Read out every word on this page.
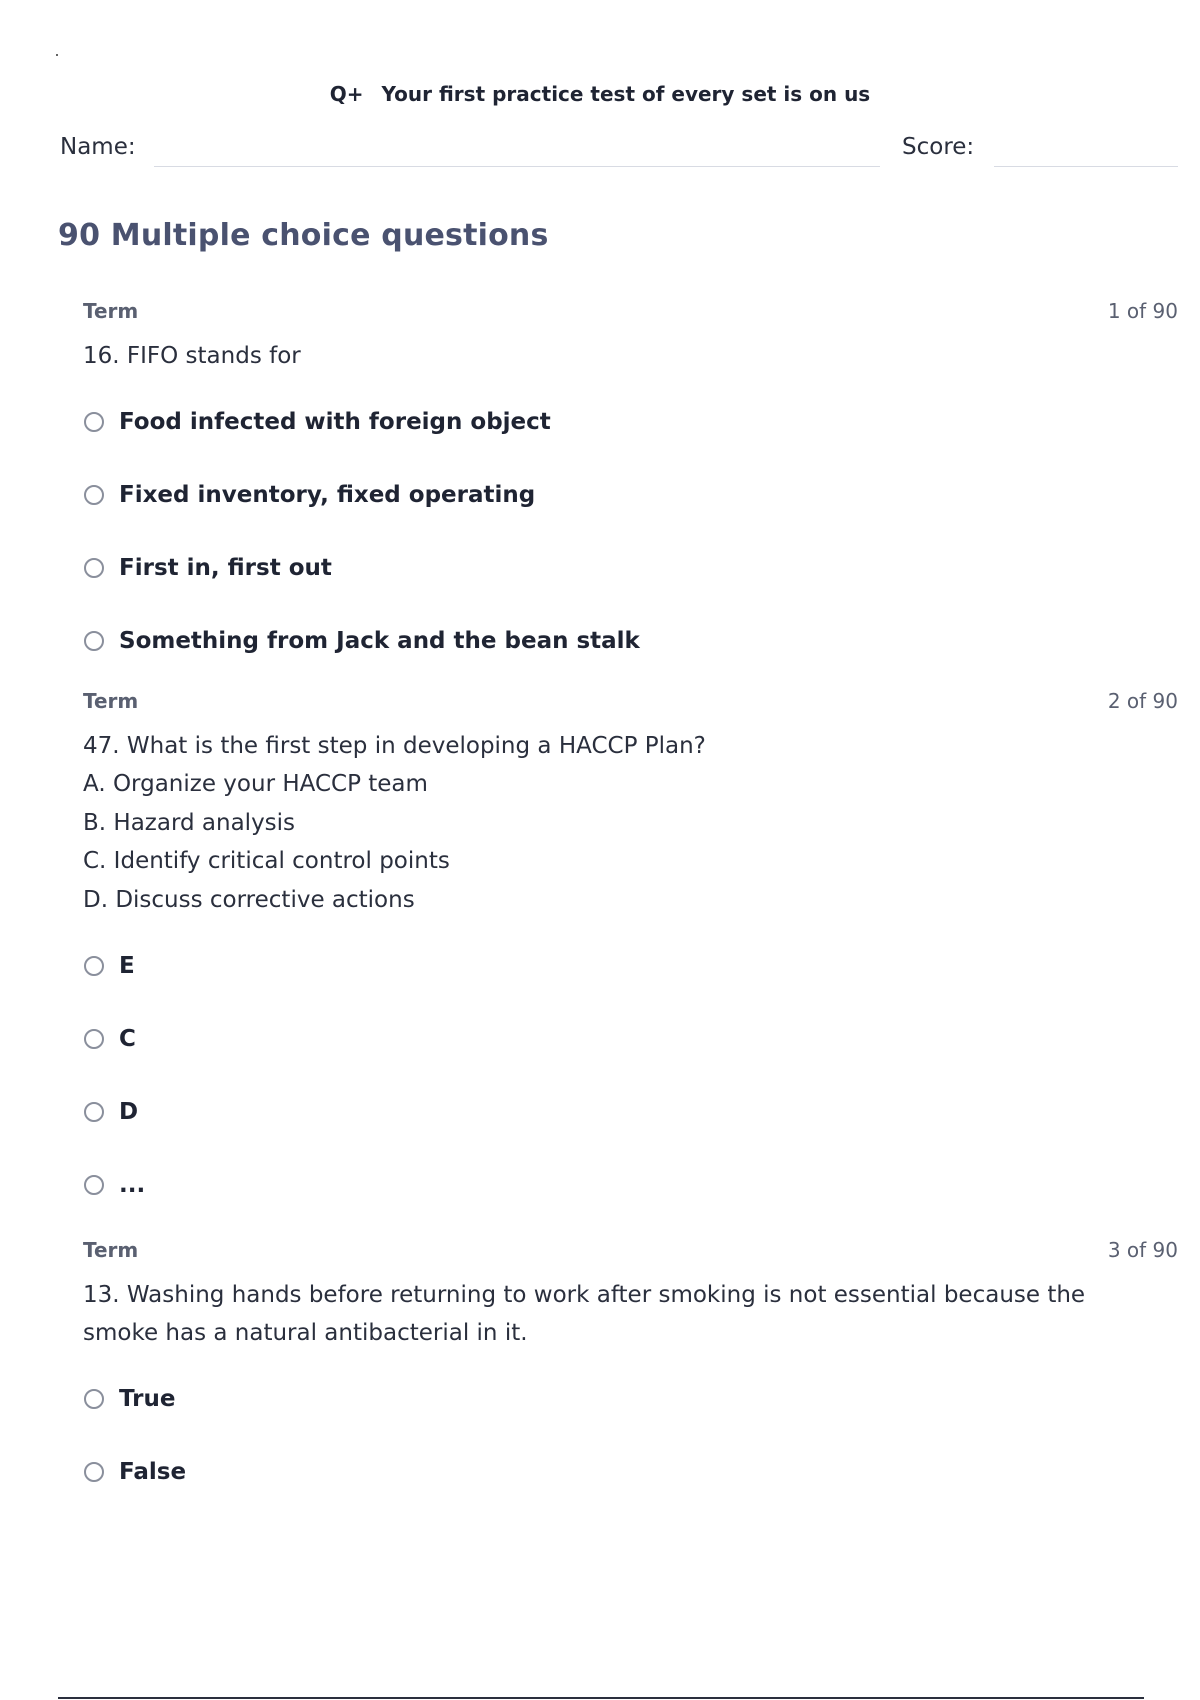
Q+ Your first practice test of every set is on us
Name:	Score:
90 Multiple choice questions
Term	1 of 90
16. FIFO stands for
Food infected with foreign object
Fixed inventory, fixed operating
First in, first out
Something from Jack and the bean stalk
Term	2 of 90
47. What is the first step in developing a HACCP Plan?
A. Organize your HACCP team
B. Hazard analysis
C. Identify critical control points
D. Discuss corrective actions
E
C
D
...
Term	3 of 90
13. Washing hands before returning to work after smoking is not essential because the smoke has a natural antibacterial in it.
True
False
